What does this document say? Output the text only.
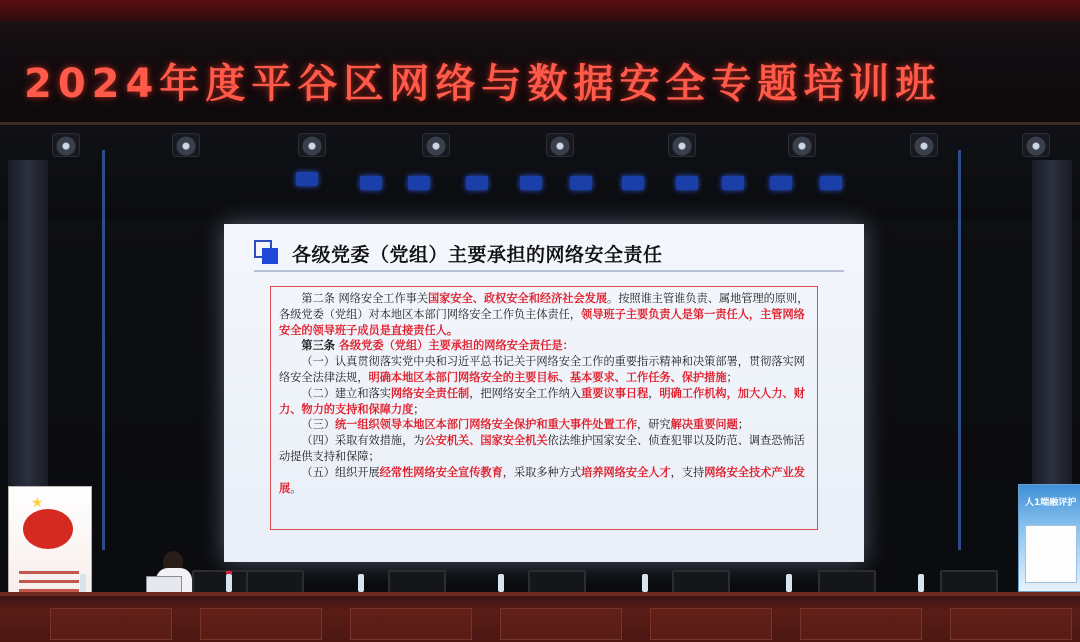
2024年度平谷区网络与数据安全专题培训班
各级党委（党组）主要承担的网络安全责任

第二条 网络安全工作事关国家安全、政权安全和经济社会发展。按照谁主管谁负责、属地管理的原则，各级党委（党组）对本地区本部门网络安全工作负主体责任，领导班子主要负责人是第一责任人，主管网络安全的领导班子成员是直接责任人。

第三条 各级党委（党组）主要承担的网络安全责任是：

（一）认真贯彻落实党中央和习近平总书记关于网络安全工作的重要指示精神和决策部署，贯彻落实网络安全法律法规，明确本地区本部门网络安全的主要目标、基本要求、工作任务、保护措施；

（二）建立和落实网络安全责任制，把网络安全工作纳入重要议事日程，明确工作机构，加大人力、财力、物力的支持和保障力度；

（三）统一组织领导本地区本部门网络安全保护和重大事件处置工作，研究解决重要问题；

（四）采取有效措施，为公安机关、国家安全机关依法维护国家安全、侦查犯罪以及防范、调查恐怖活动提供支持和保障；

（五）组织开展经常性网络安全宣传教育，采取多种方式培养网络安全人才，支持网络安全技术产业发展。

★	人1端融评护
